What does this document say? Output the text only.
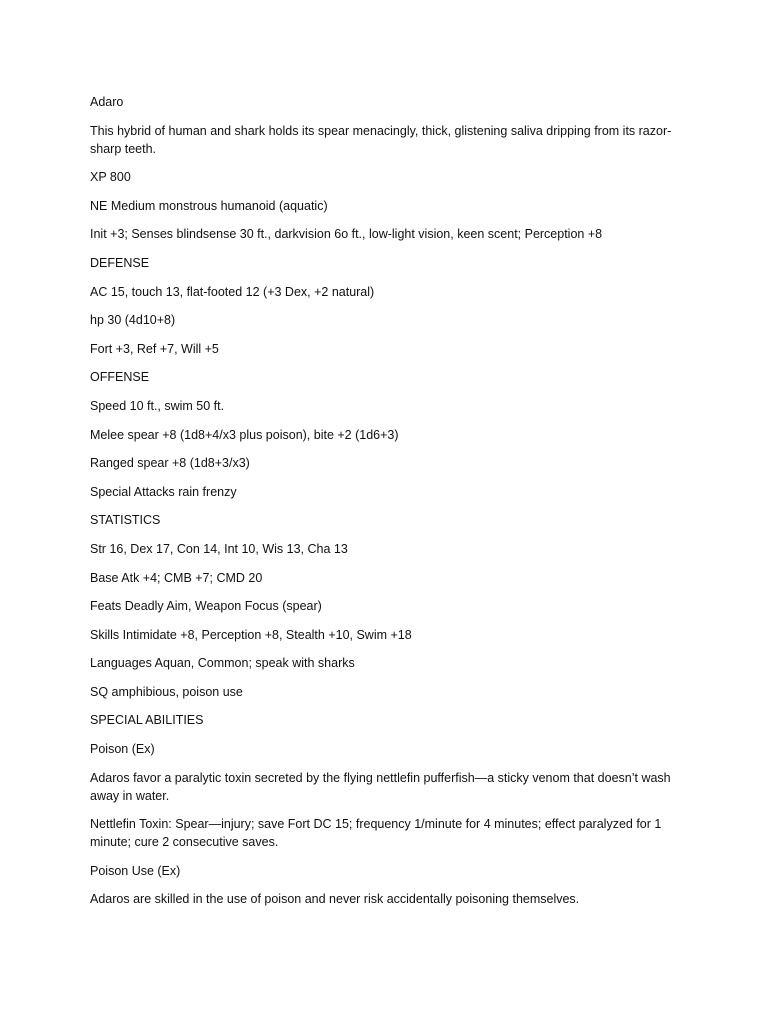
Adaro

This hybrid of human and shark holds its spear menacingly, thick, glistening saliva dripping from its razor-sharp teeth.

XP 800

NE Medium monstrous humanoid (aquatic)

Init +3; Senses blindsense 30 ft., darkvision 6o ft., low-light vision, keen scent; Perception +8

DEFENSE

AC 15, touch 13, flat-footed 12 (+3 Dex, +2 natural)

hp 30 (4d10+8)

Fort +3, Ref +7, Will +5

OFFENSE

Speed 10 ft., swim 50 ft.

Melee spear +8 (1d8+4/x3 plus poison), bite +2 (1d6+3)

Ranged spear +8 (1d8+3/x3)

Special Attacks rain frenzy

STATISTICS

Str 16, Dex 17, Con 14, Int 10, Wis 13, Cha 13

Base Atk +4; CMB +7; CMD 20

Feats Deadly Aim, Weapon Focus (spear)

Skills Intimidate +8, Perception +8, Stealth +10, Swim +18

Languages Aquan, Common; speak with sharks

SQ amphibious, poison use

SPECIAL ABILITIES

Poison (Ex)

Adaros favor a paralytic toxin secreted by the flying nettlefin pufferfish—a sticky venom that doesn’t wash away in water.

Nettlefin Toxin: Spear—injury; save Fort DC 15; frequency 1/minute for 4 minutes; effect paralyzed for 1 minute; cure 2 consecutive saves.

Poison Use (Ex)

Adaros are skilled in the use of poison and never risk accidentally poisoning themselves.
